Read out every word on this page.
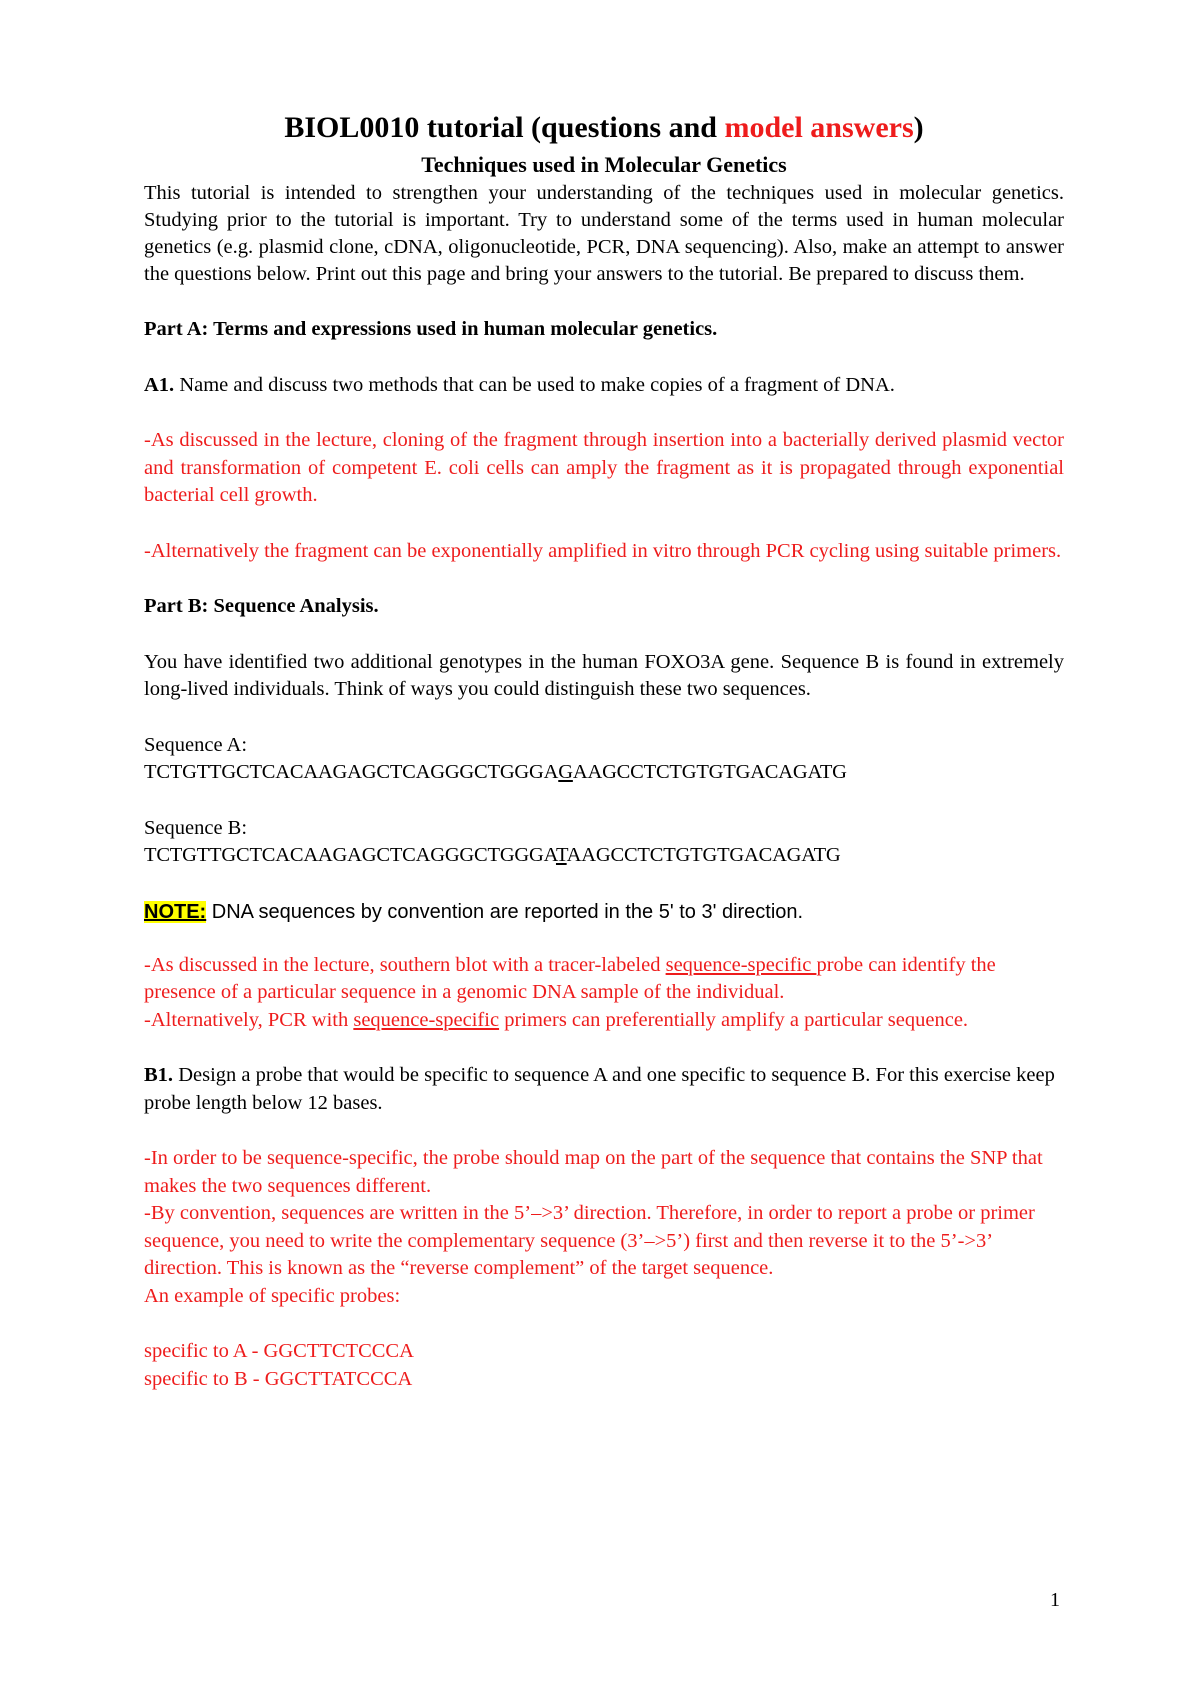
BIOL0010 tutorial (questions and model answers)

Techniques used in Molecular Genetics

This tutorial is intended to strengthen your understanding of the techniques used in molecular genetics. Studying prior to the tutorial is important. Try to understand some of the terms used in human molecular genetics (e.g. plasmid clone, cDNA, oligonucleotide, PCR, DNA sequencing). Also, make an attempt to answer the questions below. Print out this page and bring your answers to the tutorial. Be prepared to discuss them.

Part A: Terms and expressions used in human molecular genetics.

A1. Name and discuss two methods that can be used to make copies of a fragment of DNA.

-As discussed in the lecture, cloning of the fragment through insertion into a bacterially derived plasmid vector and transformation of competent E. coli cells can amply the fragment as it is propagated through exponential bacterial cell growth.

-Alternatively the fragment can be exponentially amplified in vitro through PCR cycling using suitable primers.

Part B: Sequence Analysis.

You have identified two additional genotypes in the human FOXO3A gene. Sequence B is found in extremely long-lived individuals. Think of ways you could distinguish these two sequences.

Sequence A:

TCTGTTGCTCACAAGAGCTCAGGGCTGGGAGAAGCCTCTGTGTGACAGATG

Sequence B:

TCTGTTGCTCACAAGAGCTCAGGGCTGGGATAAGCCTCTGTGTGACAGATG

NOTE: DNA sequences by convention are reported in the 5' to 3' direction.

-As discussed in the lecture, southern blot with a tracer-labeled sequence-specific probe can identify the presence of a particular sequence in a genomic DNA sample of the individual.

-Alternatively, PCR with sequence-specific primers can preferentially amplify a particular sequence.

B1. Design a probe that would be specific to sequence A and one specific to sequence B. For this exercise keep probe length below 12 bases.

-In order to be sequence-specific, the probe should map on the part of the sequence that contains the SNP that makes the two sequences different.

-By convention, sequences are written in the 5’–>3’ direction. Therefore, in order to report a probe or primer sequence, you need to write the complementary sequence (3’–>5’) first and then reverse it to the 5’->3’ direction. This is known as the “reverse complement” of the target sequence.

An example of specific probes:

specific to A - GGCTTCTCCCA

specific to B - GGCTTATCCCA

1
